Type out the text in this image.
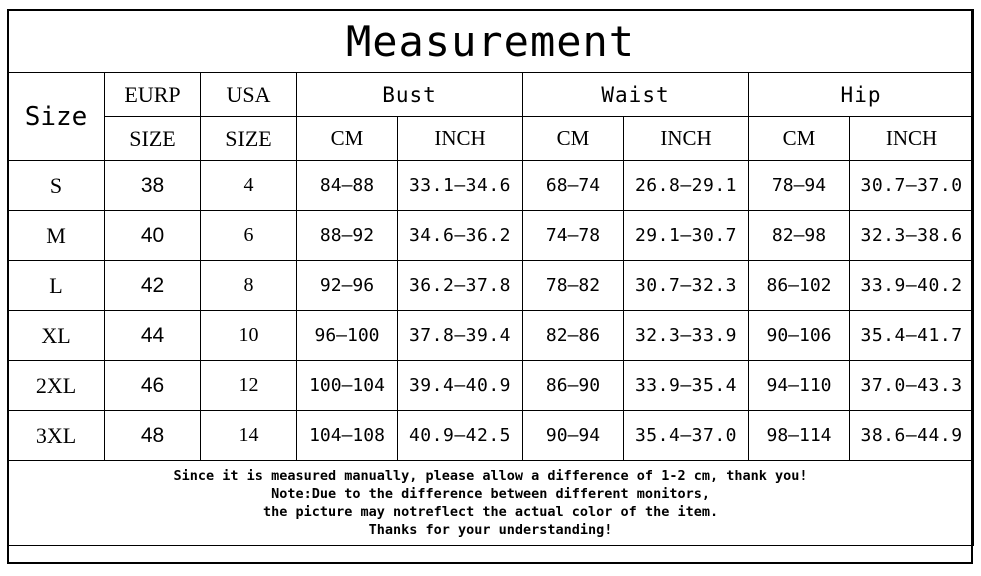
Measurement								
Size	EURP	USA	Bust		Waist		Hip	
	SIZE	SIZE	CM	INCH	CM	INCH	CM	INCH
S	38	4	84–88	33.1–34.6	68–74	26.8–29.1	78–94	30.7–37.0
M	40	6	88–92	34.6–36.2	74–78	29.1–30.7	82–98	32.3–38.6
L	42	8	92–96	36.2–37.8	78–82	30.7–32.3	86–102	33.9–40.2
XL	44	10	96–100	37.8–39.4	82–86	32.3–33.9	90–106	35.4–41.7
2XL	46	12	100–104	39.4–40.9	86–90	33.9–35.4	94–110	37.0–43.3
3XL	48	14	104–108	40.9–42.5	90–94	35.4–37.0	98–114	38.6–44.9

Since it is measured manually, please allow a difference of 1-2 cm, thank you!
Note:Due to the difference between different monitors,
the picture may notreflect the actual color of the item.
Thanks for your understanding!								
